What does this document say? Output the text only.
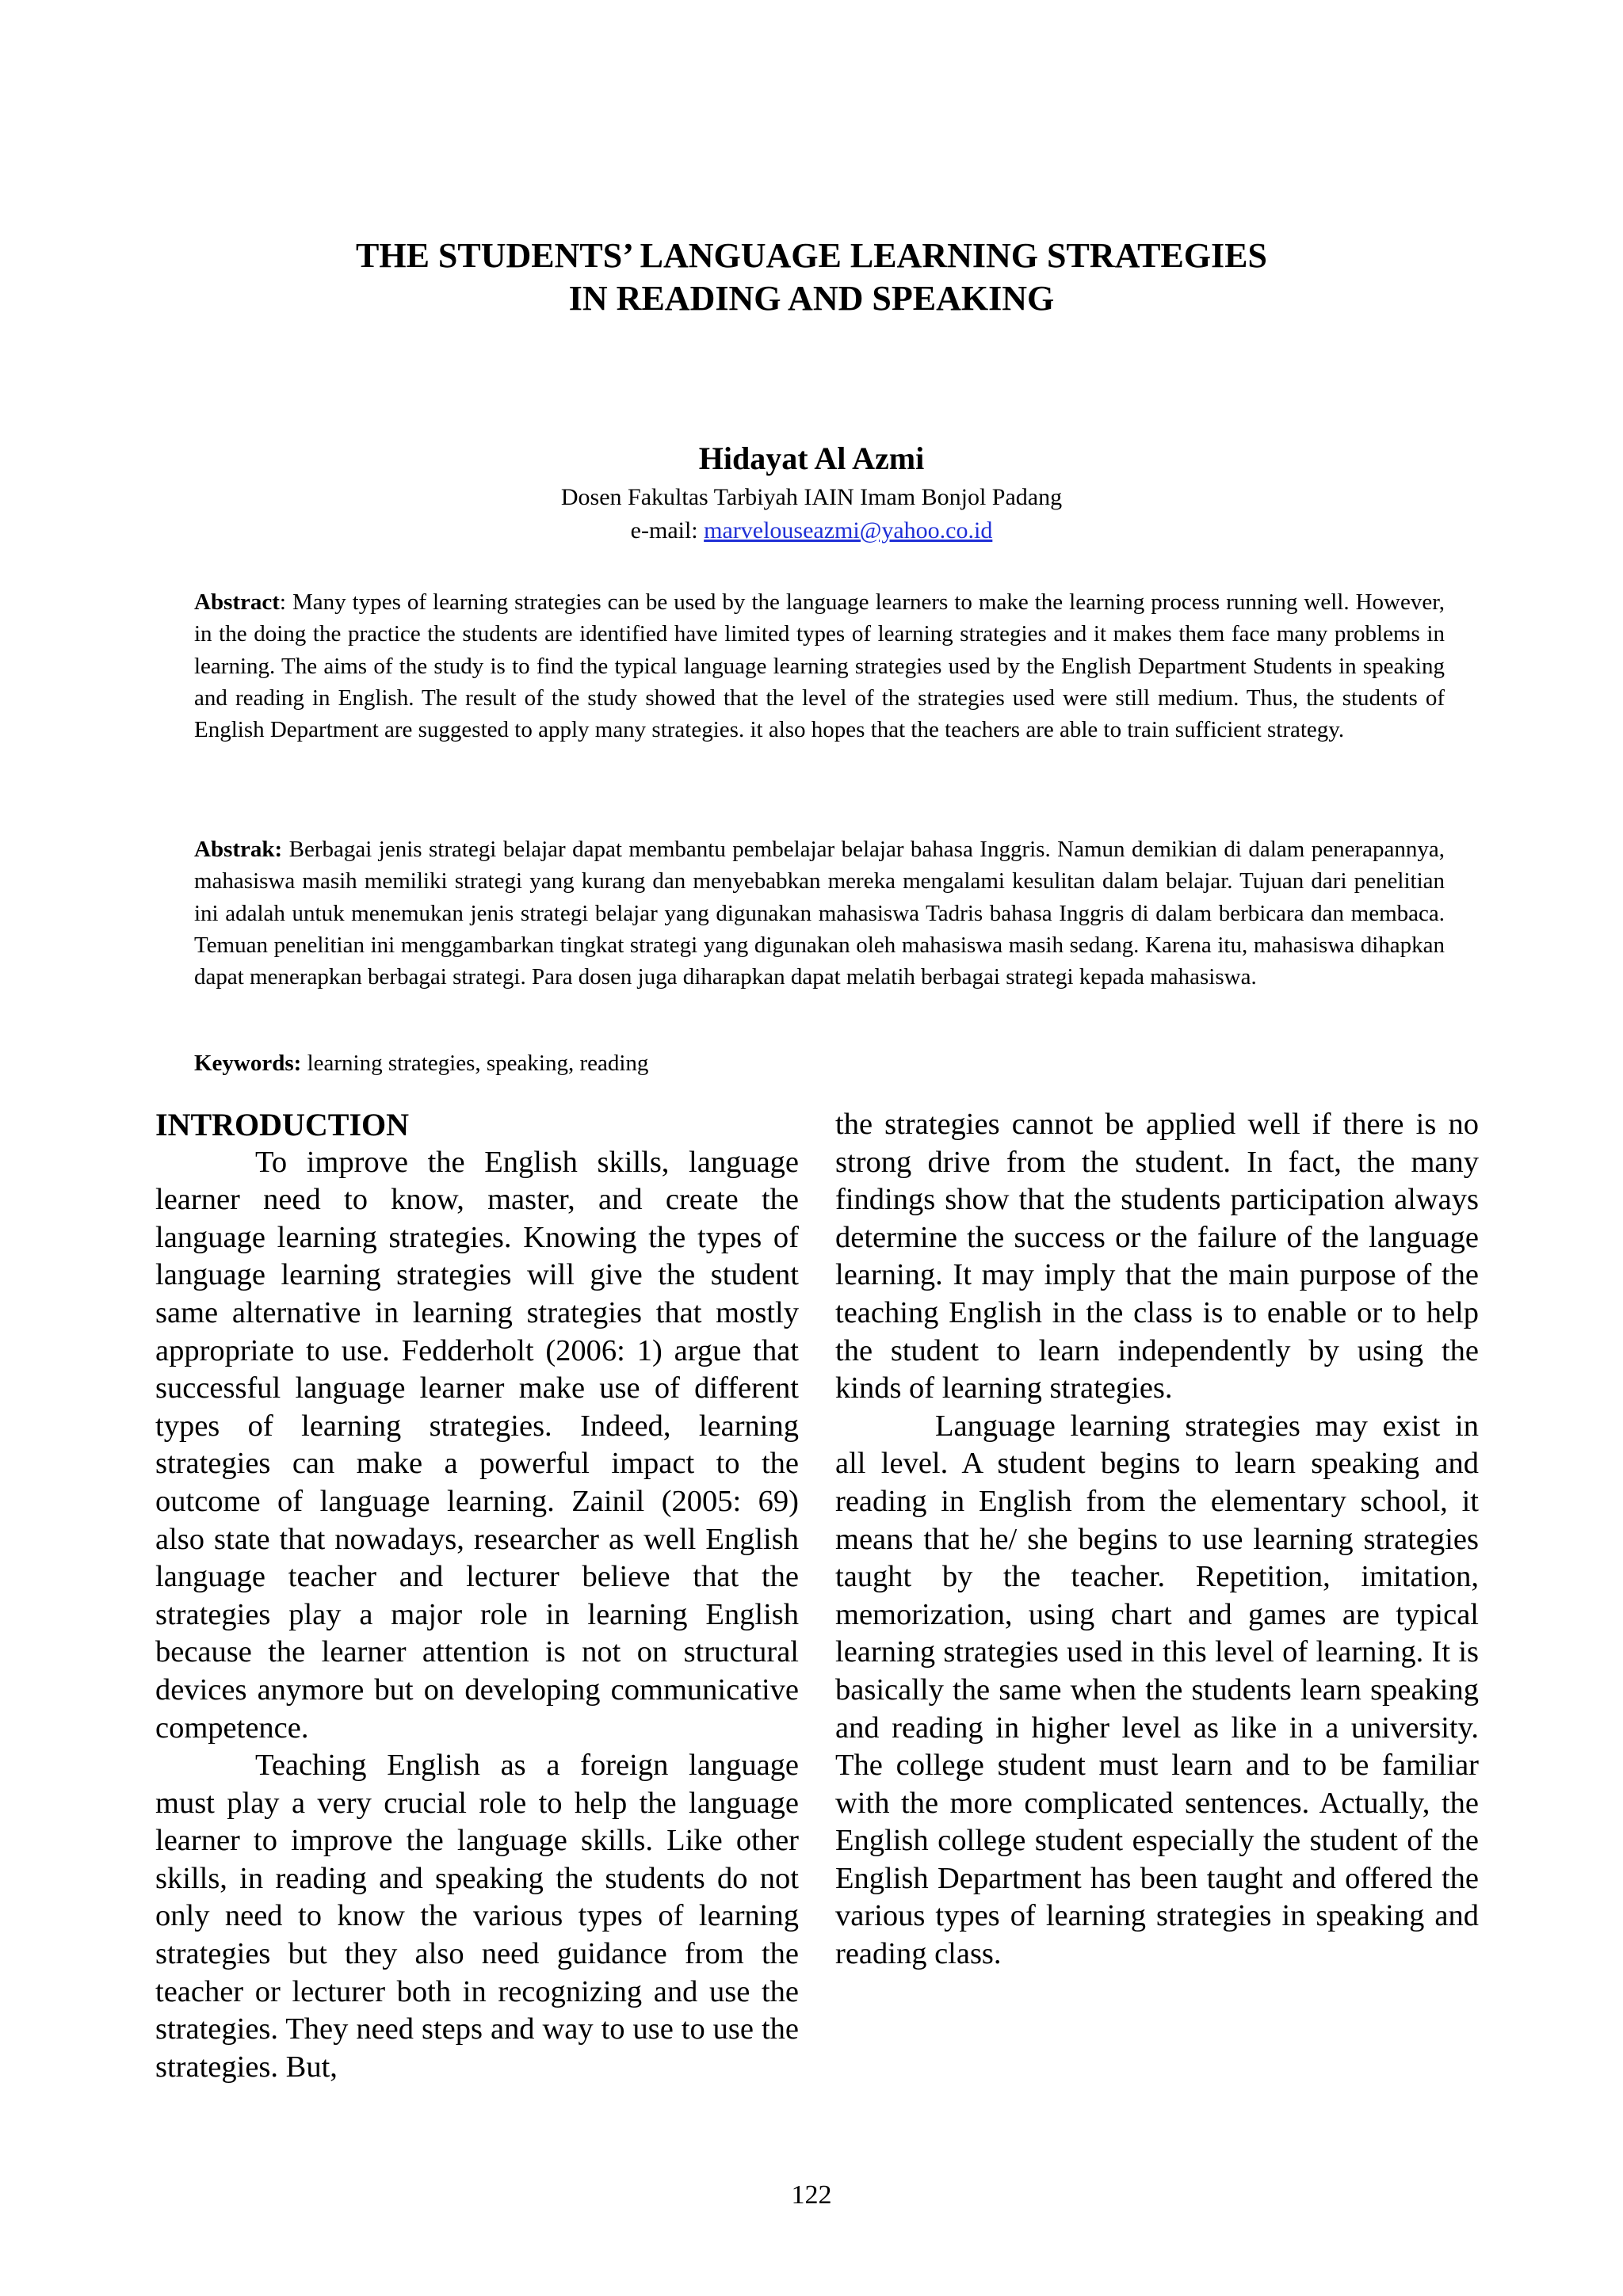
THE STUDENTS’ LANGUAGE LEARNING STRATEGIES
IN READING AND SPEAKING
Hidayat Al Azmi
Dosen Fakultas Tarbiyah IAIN Imam Bonjol Padang
e-mail: marvelouseazmi@yahoo.co.id
Abstract: Many types of learning strategies can be used by the language learners to make the learning process running well. However, in the doing the practice the students are identified have limited types of learning strategies and it makes them face many problems in learning. The aims of the study is to find the typical language learning strategies used by the English Department Students in speaking and reading in English. The result of the study showed that the level of the strategies used were still medium. Thus, the students of English Department are suggested to apply many strategies. it also hopes that the teachers are able to train sufficient strategy.
Abstrak: Berbagai jenis strategi belajar dapat membantu pembelajar belajar bahasa Inggris. Namun demikian di dalam penerapannya, mahasiswa masih memiliki strategi yang kurang dan menyebabkan mereka mengalami kesulitan dalam belajar. Tujuan dari penelitian ini adalah untuk menemukan jenis strategi belajar yang digunakan mahasiswa Tadris bahasa Inggris di dalam berbicara dan membaca. Temuan penelitian ini menggambarkan tingkat strategi yang digunakan oleh mahasiswa masih sedang. Karena itu, mahasiswa dihapkan dapat menerapkan berbagai strategi. Para dosen juga diharapkan dapat melatih berbagai strategi kepada mahasiswa.
Keywords: learning strategies, speaking, reading
INTRODUCTION

To improve the English skills, language learner need to know, master, and create the language learning strategies. Knowing the types of language learning strategies will give the student same alternative in learning strategies that mostly appropriate to use. Fedderholt (2006: 1) argue that successful language learner make use of different types of learning strategies. Indeed, learning strategies can make a powerful impact to the outcome of language learning. Zainil (2005: 69) also state that nowadays, researcher as well English language teacher and lecturer believe that the strategies play a major role in learning English because the learner attention is not on structural devices anymore but on developing communicative competence.

Teaching English as a foreign language must play a very crucial role to help the language learner to improve the language skills. Like other skills, in reading and speaking the students do not only need to know the various types of learning strategies but they also need guidance from the teacher or lecturer both in recognizing and use the strategies. They need steps and way to use to use the strategies. But,

the strategies cannot be applied well if there is no strong drive from the student. In fact, the many findings show that the students participation always determine the success or the failure of the language learning. It may imply that the main purpose of the teaching English in the class is to enable or to help the student to learn independently by using the kinds of learning strategies.

Language learning strategies may exist in all level. A student begins to learn speaking and reading in English from the elementary school, it means that he/ she begins to use learning strategies taught by the teacher. Repetition, imitation, memorization, using chart and games are typical learning strategies used in this level of learning. It is basically the same when the students learn speaking and reading in higher level as like in a university. The college student must learn and to be familiar with the more complicated sentences. Actually, the English college student especially the student of the English Department has been taught and offered the various types of learning strategies in speaking and reading class.

122
